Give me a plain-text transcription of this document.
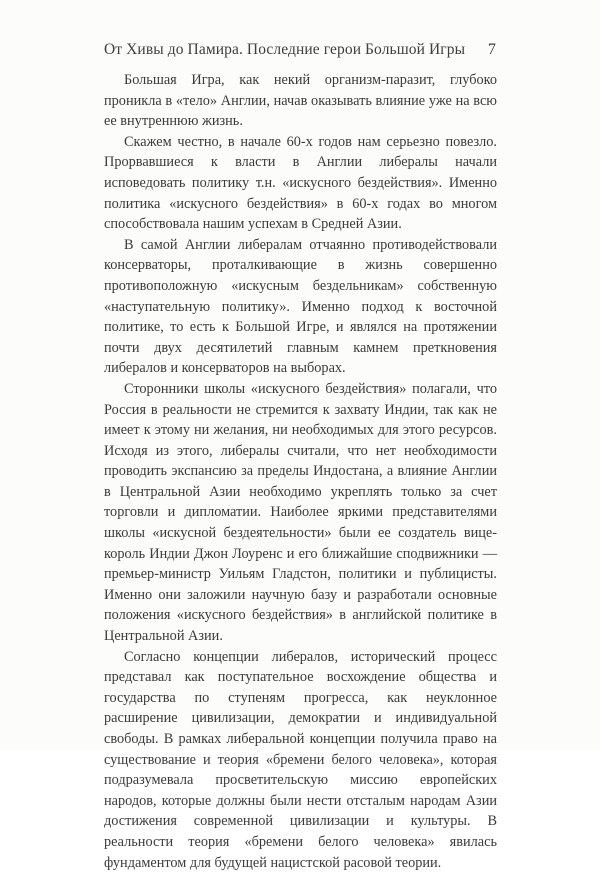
От Хивы до Памира. Последние герои Большой Игры 7

Большая Игра, как некий организм-паразит, глубоко проникла в «тело» Англии, начав оказывать влияние уже на всю ее внутреннюю жизнь.

Скажем честно, в начале 60-х годов нам серьезно повезло. Прорвавшиеся к власти в Англии либералы начали исповедовать политику т.н. «искусного бездействия». Именно политика «искусного бездействия» в 60-х годах во многом способствовала нашим успехам в Средней Азии.

В самой Англии либералам отчаянно противодействовали консерваторы, проталкивающие в жизнь совершенно противоположную «искусным бездельникам» собственную «наступательную политику». Именно подход к восточной политике, то есть к Большой Игре, и являлся на протяжении почти двух десятилетий главным камнем преткновения либералов и консерваторов на выборах.

Сторонники школы «искусного бездействия» полагали, что Россия в реальности не стремится к захвату Индии, так как не имеет к этому ни желания, ни необходимых для этого ресурсов. Исходя из этого, либералы считали, что нет необходимости проводить экспансию за пределы Индостана, а влияние Англии в Центральной Азии необходимо укреплять только за счет торговли и дипломатии. Наиболее яркими представителями школы «искусной бездеятельности» были ее создатель вице-король Индии Джон Лоуренс и его ближайшие сподвижники — премьер-министр Уильям Гладстон, политики и публицисты. Именно они заложили научную базу и разработали основные положения «искусного бездействия» в английской политике в Центральной Азии.

Согласно концепции либералов, исторический процесс представал как поступательное восхождение общества и государства по ступеням прогресса, как неуклонное расширение цивилизации, демократии и индивидуальной свободы. В рамках либеральной концепции получила право на существование и теория «бремени белого человека», которая подразумевала просветительскую миссию европейских народов, которые должны были нести отсталым народам Азии достижения современной цивилизации и культуры. В реальности теория «бремени белого человека» явилась фундаментом для будущей нацистской расовой теории.
